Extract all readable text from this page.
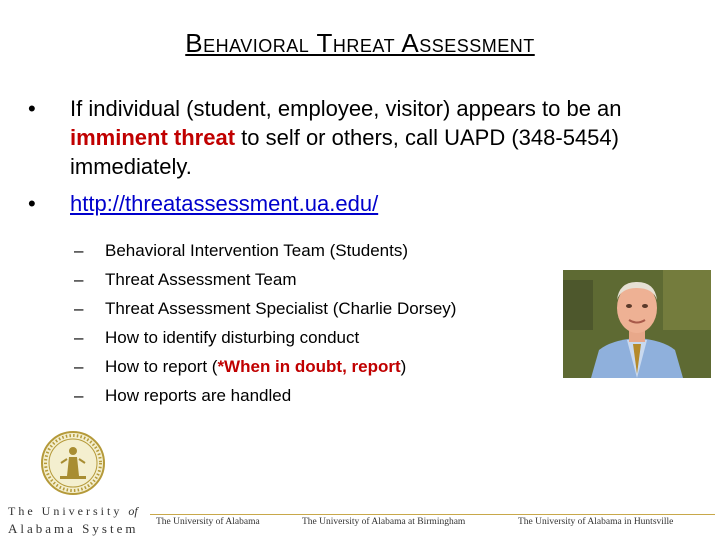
Behavioral Threat Assessment
•	If individual (student, employee, visitor) appears to be an imminent threat to self or others, call UAPD (348-5454) immediately.
•	http://threatassessment.ua.edu/
–	Behavioral Intervention Team (Students)
–	Threat Assessment Team
–	Threat Assessment Specialist (Charlie Dorsey)
–	How to identify disturbing conduct
–	How to report (*When in doubt, report)
–	How reports are handled
The University of
Alabama System The University of Alabama	The University of Alabama at Birmingham	The University of Alabama in Huntsville
